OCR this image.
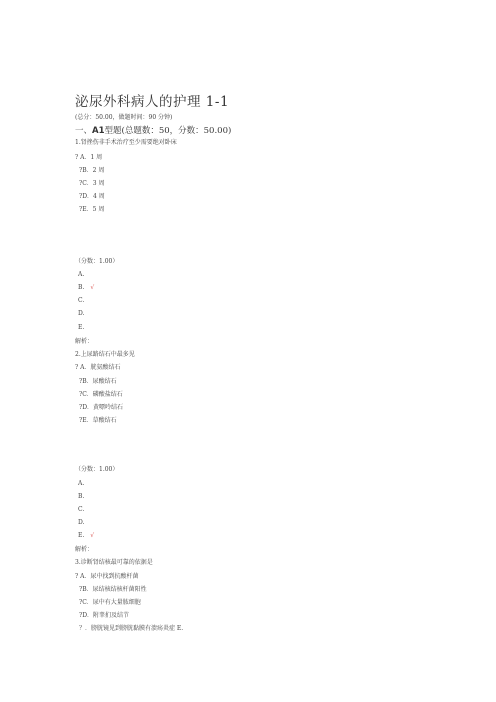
泌尿外科病人的护理 1-1
(总分：50.00，做题时间：90 分钟)
一、A1型题(总题数：50，分数：50.00)
1.肾挫伤非手术治疗至少需要绝对卧床
? A．1 周
?B．2 周
?C．3 周
?D．4 周
?E．5 周
（分数：1.00）
A.
B. √
C.
D.
E.
解析：
2.上尿路结石中最多见
? A．胱氨酸结石
?B．尿酸结石
?C．磷酸盐结石
?D．黄嘌呤结石
?E．草酸结石
（分数：1.00）
A.
B.
C.
D.
E. √
解析：
3.诊断肾结核最可靠的依据是
? A．尿中找到抗酸杆菌
?B．尿结核结核杆菌阳性
?C．尿中有大量脓细胞
?D．附睾扪及结节
？．膀胱镜见到膀胱黏膜有溃疡炎症 E.
